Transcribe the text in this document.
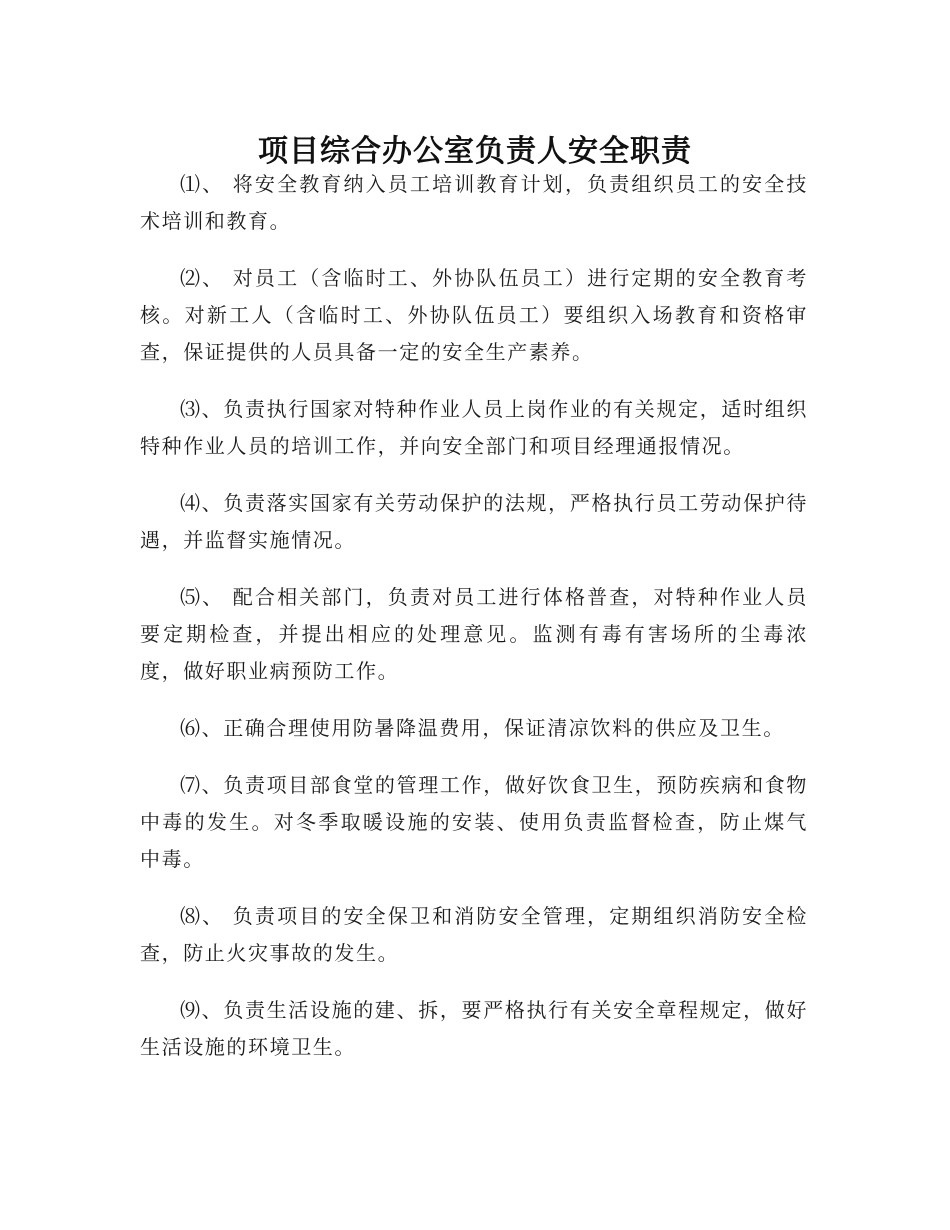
项目综合办公室负责人安全职责

⑴、 将安全教育纳入员工培训教育计划，负责组织员工的安全技术培训和教育。

⑵、 对员工（含临时工、外协队伍员工）进行定期的安全教育考核。对新工人（含临时工、外协队伍员工）要组织入场教育和资格审查，保证提供的人员具备一定的安全生产素养。

⑶、负责执行国家对特种作业人员上岗作业的有关规定，适时组织特种作业人员的培训工作，并向安全部门和项目经理通报情况。

⑷、负责落实国家有关劳动保护的法规，严格执行员工劳动保护待遇，并监督实施情况。

⑸、 配合相关部门，负责对员工进行体格普查，对特种作业人员要定期检查，并提出相应的处理意见。监测有毒有害场所的尘毒浓度，做好职业病预防工作。

⑹、正确合理使用防暑降温费用，保证清凉饮料的供应及卫生。

⑺、负责项目部食堂的管理工作，做好饮食卫生，预防疾病和食物中毒的发生。对冬季取暖设施的安装、使用负责监督检查，防止煤气中毒。

⑻、 负责项目的安全保卫和消防安全管理，定期组织消防安全检查，防止火灾事故的发生。

⑼、负责生活设施的建、拆，要严格执行有关安全章程规定，做好生活设施的环境卫生。
